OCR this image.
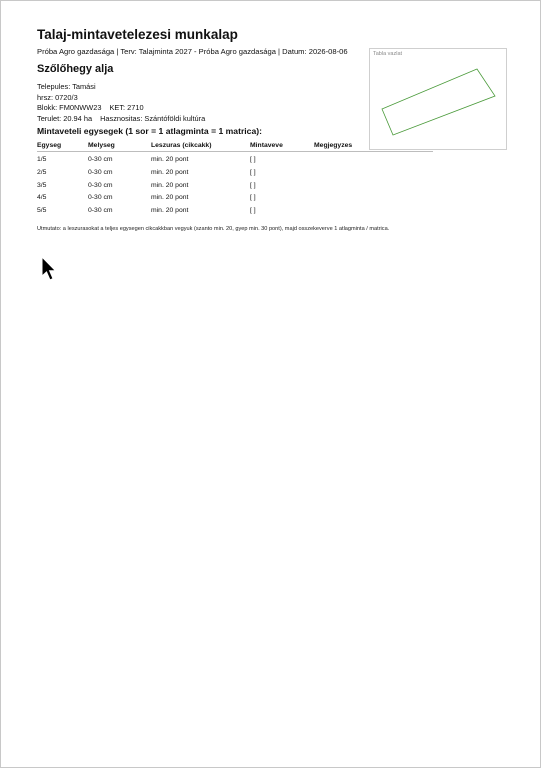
Talaj-mintavetelezesi munkalap
Próba Agro gazdasága | Terv: Talajminta 2027 - Próba Agro gazdasága | Datum: 2026-08-06
Szőlőhegy alja
Telepules: Tamási
hrsz: 0720/3
Blokk: FM0NWW23 KET: 2710
Terulet: 20.94 ha Hasznositas: Szántóföldi kultúra
Tabla vazlat
Mintaveteli egysegek (1 sor = 1 atlagminta = 1 matrica):
Egyseg	Melyseg	Leszuras (cikcakk)	Mintaveve	Megjegyzes
1/5	0-30 cm	min. 20 pont	[ ]
2/5	0-30 cm	min. 20 pont	[ ]
3/5	0-30 cm	min. 20 pont	[ ]
4/5	0-30 cm	min. 20 pont	[ ]
5/5	0-30 cm	min. 20 pont	[ ]
Utmutato: a leszurasokat a teljes egysegen cikcakkban vegyuk (szanto min. 20, gyep min. 30 pont), majd osszekeverve 1 atlagminta / matrica.
